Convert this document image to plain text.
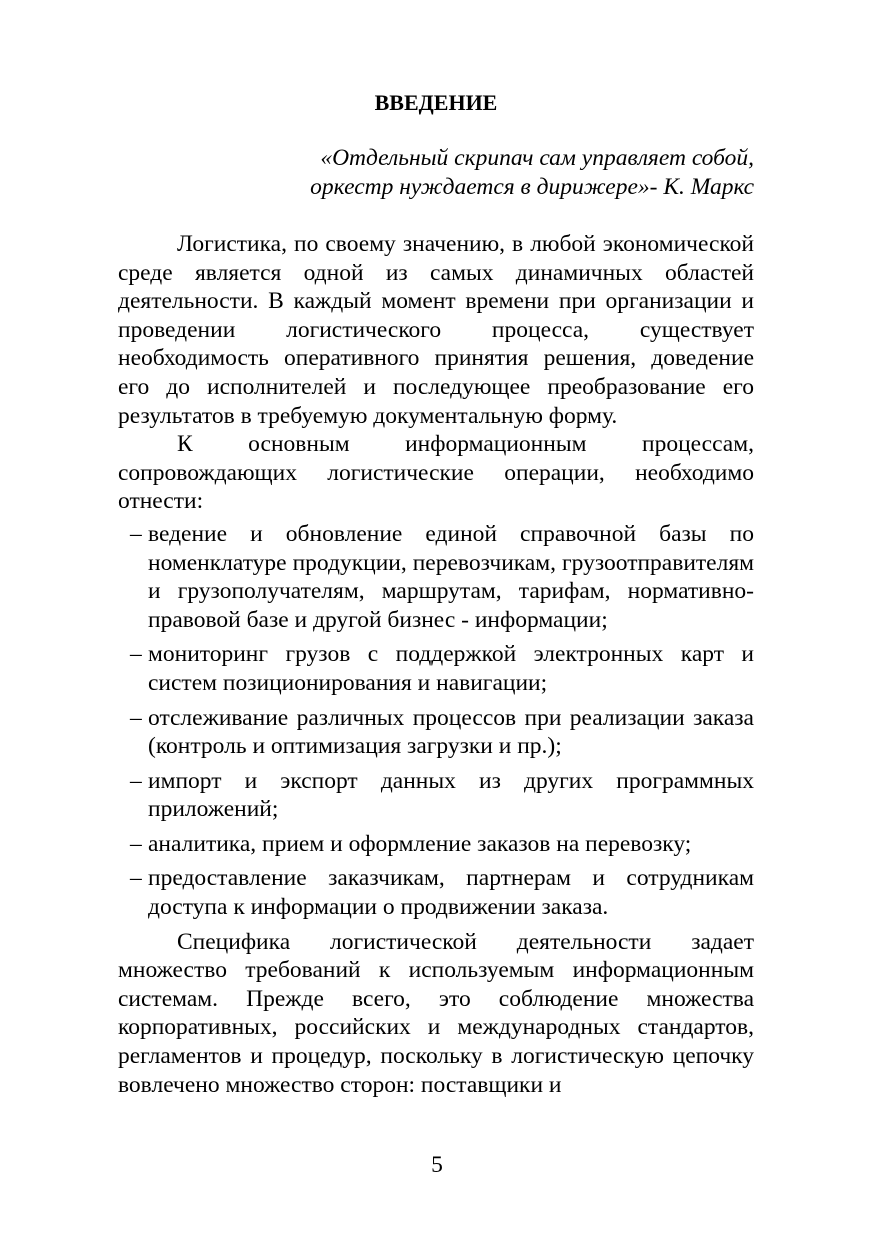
ВВЕДЕНИЕ
«Отдельный скрипач сам управляет собой,
оркестр нуждается в дирижере»- К. Маркс

Логистика, по своему значению, в любой экономической среде является одной из самых динамичных областей деятельности. В каждый момент времени при организации и проведении логистического процесса, существует необходимость оперативного принятия решения, доведение его до исполнителей и последующее преобразование его результатов в требуемую документальную форму.

К основным информационным процессам, сопровождающих логистические операции, необходимо отнести:

– ведение и обновление единой справочной базы по номенклатуре продукции, перевозчикам, грузоотправителям и грузополучателям, маршрутам, тарифам, нормативно-правовой базе и другой бизнес - информации;
– мониторинг грузов с поддержкой электронных карт и систем позиционирования и навигации;
– отслеживание различных процессов при реализации заказа (контроль и оптимизация загрузки и пр.);
– импорт и экспорт данных из других программных приложений;
– аналитика, прием и оформление заказов на перевозку;
– предоставление заказчикам, партнерам и сотрудникам доступа к информации о продвижении заказа.

Специфика логистической деятельности задает множество требований к используемым информационным системам. Прежде всего, это соблюдение множества корпоративных, российских и международных стандартов, регламентов и процедур, поскольку в логистическую цепочку вовлечено множество сторон: поставщики и

5
